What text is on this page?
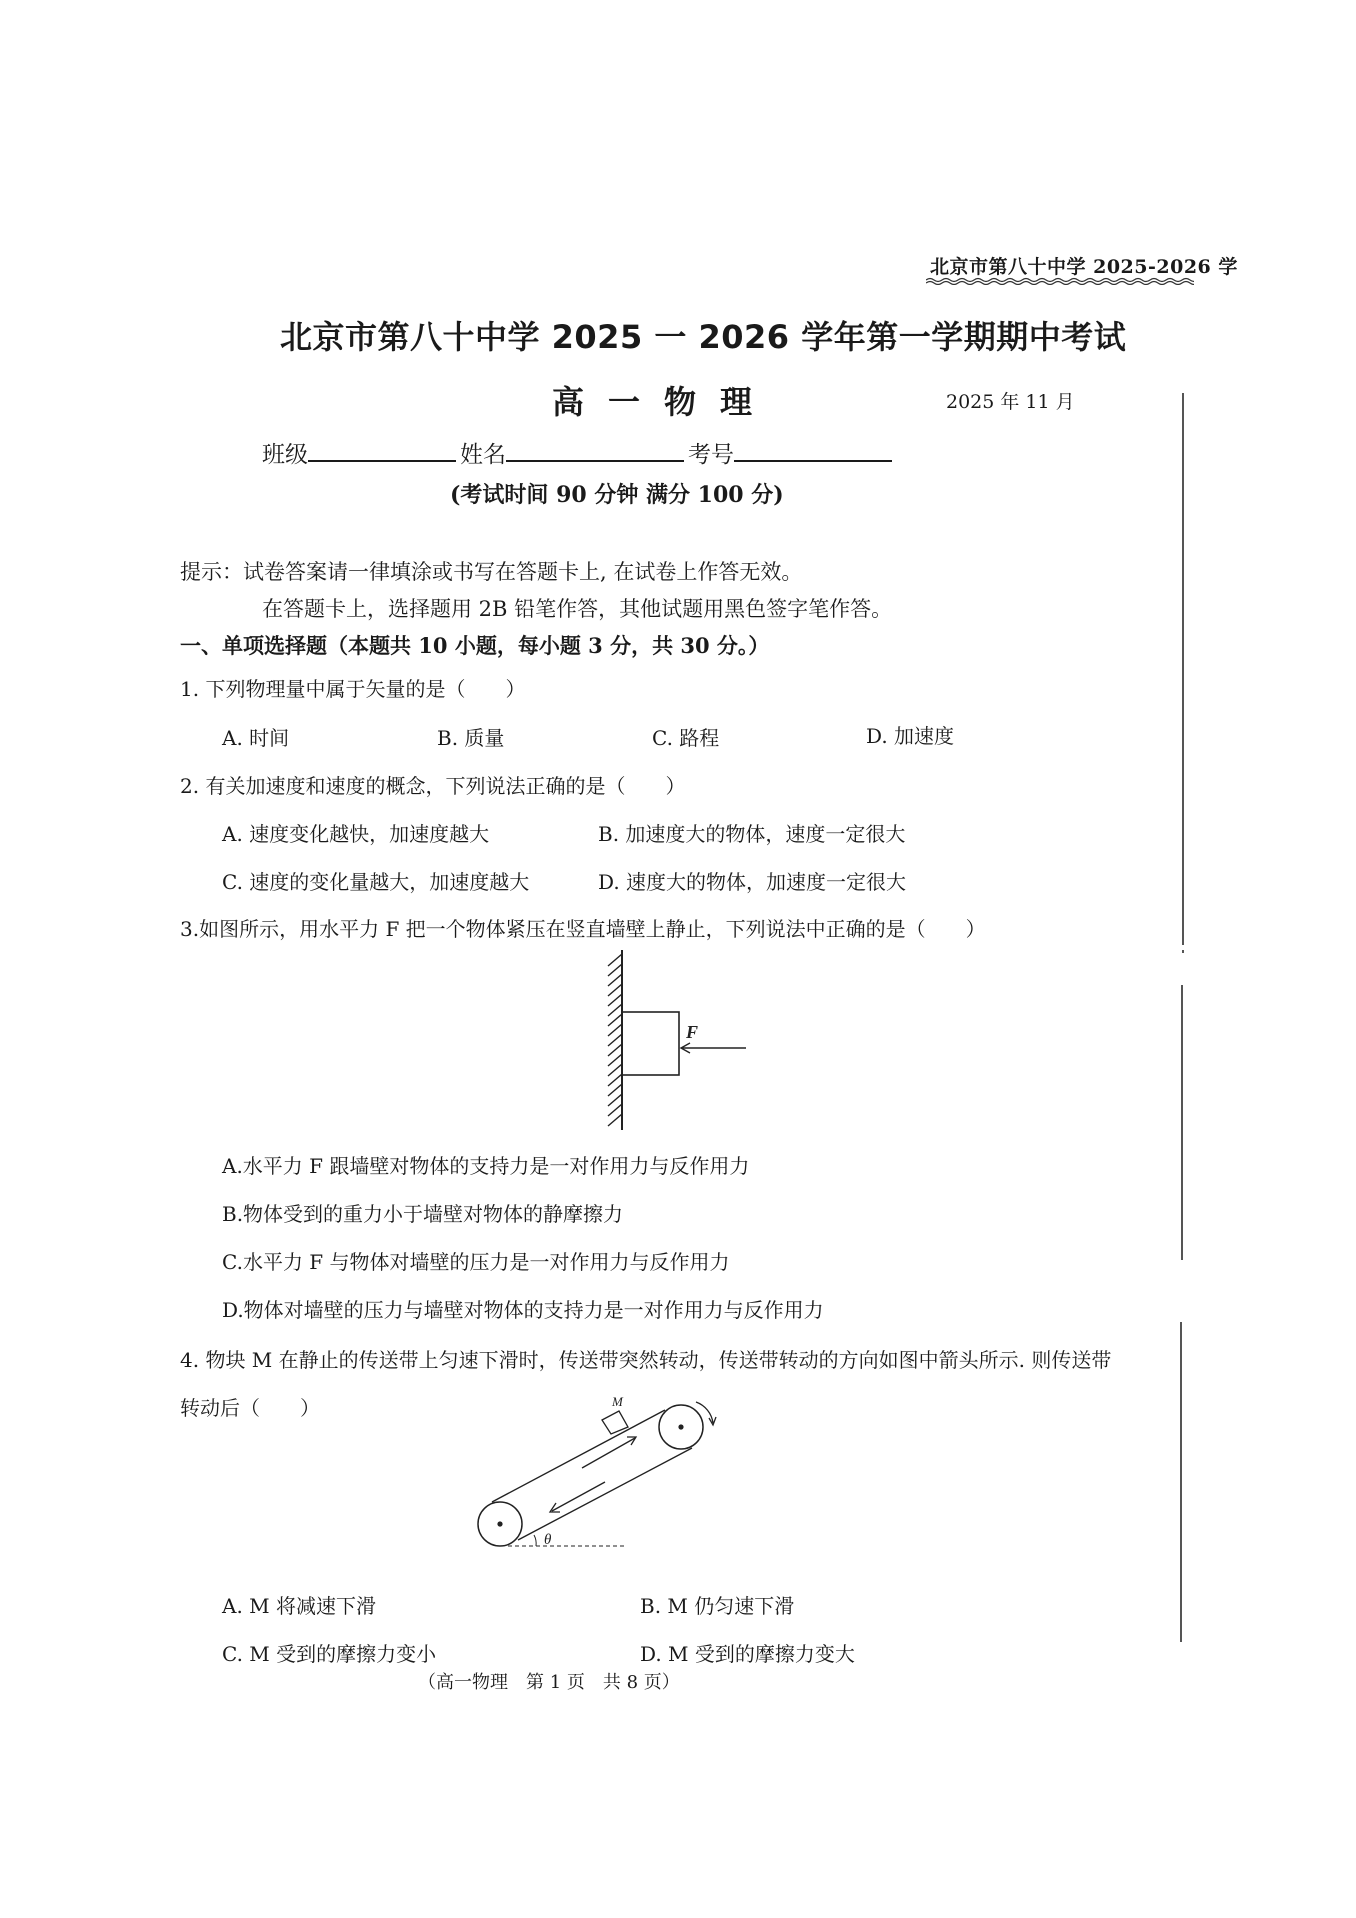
北京市第八十中学 2025-2026 学
北京市第八十中学 2025 一 2026 学年第一学期期中考试
高一物理	2025 年 11 月
班级	姓名	考号
(考试时间 90 分钟 满分 100 分)
提示：试卷答案请一律填涂或书写在答题卡上, 在试卷上作答无效。
在答题卡上，选择题用 2B 铅笔作答，其他试题用黑色签字笔作答。
一、单项选择题（本题共 10 小题，每小题 3 分，共 30 分。）
1. 下列物理量中属于矢量的是（　　）
A. 时间	B. 质量	C. 路程	D. 加速度
2. 有关加速度和速度的概念，下列说法正确的是（　　）
A. 速度变化越快，加速度越大	B. 加速度大的物体，速度一定很大
C. 速度的变化量越大，加速度越大	D. 速度大的物体，加速度一定很大
3.如图所示，用水平力 F 把一个物体紧压在竖直墙壁上静止，下列说法中正确的是（　　）
F
A.水平力 F 跟墙壁对物体的支持力是一对作用力与反作用力
B.物体受到的重力小于墙壁对物体的静摩擦力
C.水平力 F 与物体对墙壁的压力是一对作用力与反作用力
D.物体对墙壁的压力与墙壁对物体的支持力是一对作用力与反作用力
4. 物块 M 在静止的传送带上匀速下滑时，传送带突然转动，传送带转动的方向如图中箭头所示. 则传送带
转动后（　　）	M
θ
A. M 将减速下滑	B. M 仍匀速下滑
C. M 受到的摩擦力变小	D. M 受到的摩擦力变大
（高一物理　第 1 页　共 8 页）
